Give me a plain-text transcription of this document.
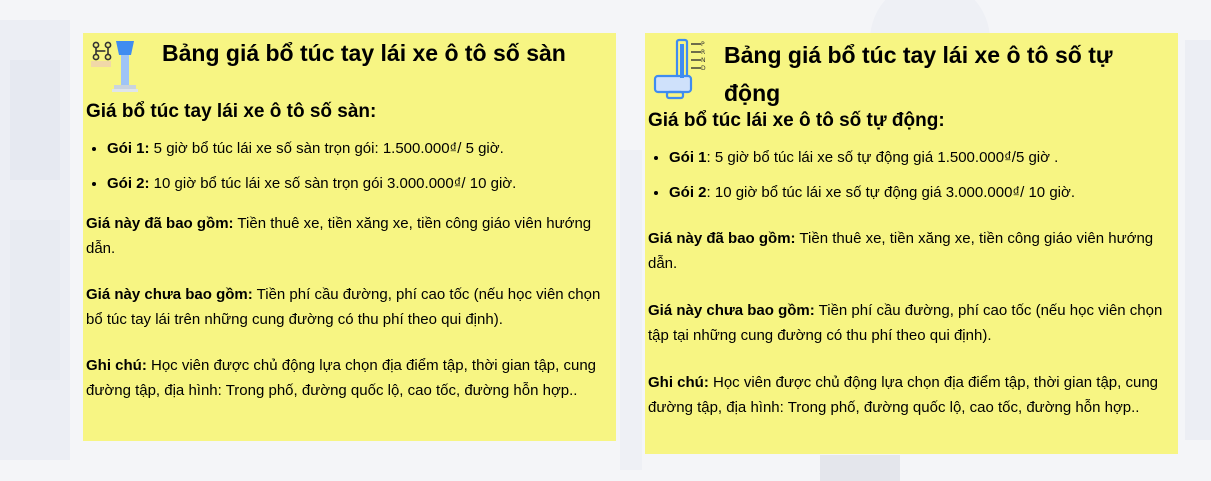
Bảng giá bổ túc tay lái xe ô tô số sàn
Giá bổ túc tay lái xe ô tô số sàn:
• Gói 1: 5 giờ bổ túc lái xe số sàn trọn gói: 1.500.000₫/ 5 giờ.
• Gói 2: 10 giờ bổ túc lái xe số sàn trọn gói 3.000.000₫/ 10 giờ.

Giá này đã bao gồm: Tiền thuê xe, tiền xăng xe, tiền công giáo viên hướng dẫn.

Giá này chưa bao gồm: Tiền phí cầu đường, phí cao tốc (nếu học viên chọn bổ túc tay lái trên những cung đường có thu phí theo qui định).

Ghi chú: Học viên được chủ động lựa chọn địa điểm tập, thời gian tập, cung đường tập, địa hình: Trong phố, đường quốc lộ, cao tốc, đường hỗn hợp..

P
R
N
D
Bảng giá bổ túc tay lái xe ô tô số tự động
Giá bổ túc lái xe ô tô số tự động:
• Gói 1: 5 giờ bổ túc lái xe số tự động giá 1.500.000₫/5 giờ .
• Gói 2: 10 giờ bổ túc lái xe số tự động giá 3.000.000₫/ 10 giờ.

Giá này đã bao gồm: Tiền thuê xe, tiền xăng xe, tiền công giáo viên hướng dẫn.

Giá này chưa bao gồm: Tiền phí cầu đường, phí cao tốc (nếu học viên chọn tập tại những cung đường có thu phí theo qui định).

Ghi chú: Học viên được chủ động lựa chọn địa điểm tập, thời gian tập, cung đường tập, địa hình: Trong phố, đường quốc lộ, cao tốc, đường hỗn hợp..
